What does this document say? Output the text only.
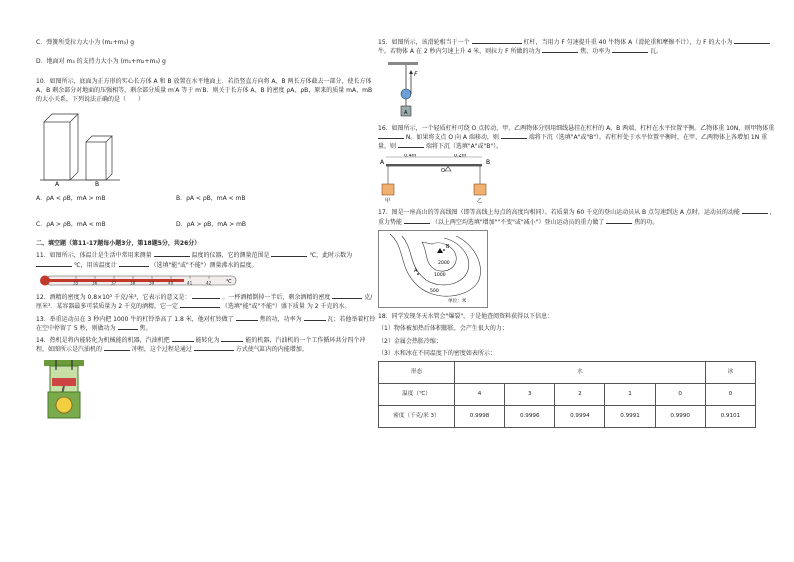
C．弹簧所受拉力大小为 (m₂+m₃) g

D．地面对 m₃ 的支持力大小为 (m₁+m₂+m₃) g

10．如图所示，底面为正方形的实心长方体 A 和 B 放置在水平地面上．若沿竖直方向将 A、B 两长方体截去一部分，使长方体 A、B 剩余部分对地面的压强相等，剩余部分质量 m′A 等于 m′B．则关于长方体 A、B 的密度 ρA、ρB，原来的质量 mA、mB 的大小关系，下列说法正确的是（　　）

A	B
A．ρA < ρB，mA > mB	B．ρA < ρB，mA < mB
C．ρA > ρB，mA < mB	D．ρA > ρB，mA > mB

二、填空题（第11-17题每小题3分，第18题5分，共26分）

11．如图所示，体温计是生活中常用来测量	温度的仪器，它的测量范围是	℃，此时示数为  ℃，用该温度计	（选填"能"或"不能"）测量沸水的温度。

35	36	37	38	39	40	41	42	℃

12．酒精的密度为 0.8×10³ 千克/米³，它表示的意义是：	。一杯酒精倒掉一半后，剩余酒精的密度	克/厘米³．某容器最多可装质量为 2 千克的酒精，它一定	（选填"能"或"不能"）盛下质量 为 2 千克的水。

13．举重运动员在 3 秒内把 1000 牛的杠铃举高了 1.8 米，他对杠铃做了	焦的功，功率为	瓦；若他举着杠铃在空中停留了 5 秒，则做功为	焦。

14．热机是将内能转化为机械能的机器，汽油机把	能转化为	能的机器，汽油机的一个工作循环共分四个冲程，如图所示是汽油机的	冲程，这个过程是通过	方式使气缸内的内能增加。

15．如图所示，该滑轮相当于一个	杠杆，当用力 F 匀速提升重 40 牛物体 A（滑轮重和摩擦不计），力 F 的大小为  牛。若物体 A 在 2 秒内匀速上升 4 米，则拉力 F 所做的功为	焦，功率为	瓦。

F
A

16．如图所示，一个轻质杠杆可绕 O 点转动，甲、乙两物体分别用细线悬挂在杠杆的 A、B 两端，杠杆在水平位置平衡。乙物体重 10N，则甲物体重  N。如果将支点 O 向 A 端移动，则	端将下沉（选填"A"或"B"）。若杠杆处于水平位置平衡时，在甲、乙两物体上各增加 1N 重量，则	端将下沉（选填"A"或"B"）。

A	B
0.4m	0.2m
O
甲	乙

17．图是一座高山的等高线图（即等高线上每点的高度均相同）。若质量为 60 千克的登山运动员从 B 点匀速到达 A 点时，运动员的动能	，重力势能	（以上两空均选填"增加""不变"或"减小"）登山运动员的重力做了	焦的功。

B
A
2000
1000
500
单位：米

18．同学发现冬天水管会"爆裂"，于是他查阅资料获得以下信息：

（1）物体被加热后体积膨胀，会产生很大的力；

（2）金属会热胀冷缩；

（3）水和冰在不同温度下的密度如表所示：

形态	水					冰
温度（℃）	4	3	2	1	0	0
密度（千克/米 3）	0.9998	0.9996	0.9994	0.9991	0.9990	0.9101
